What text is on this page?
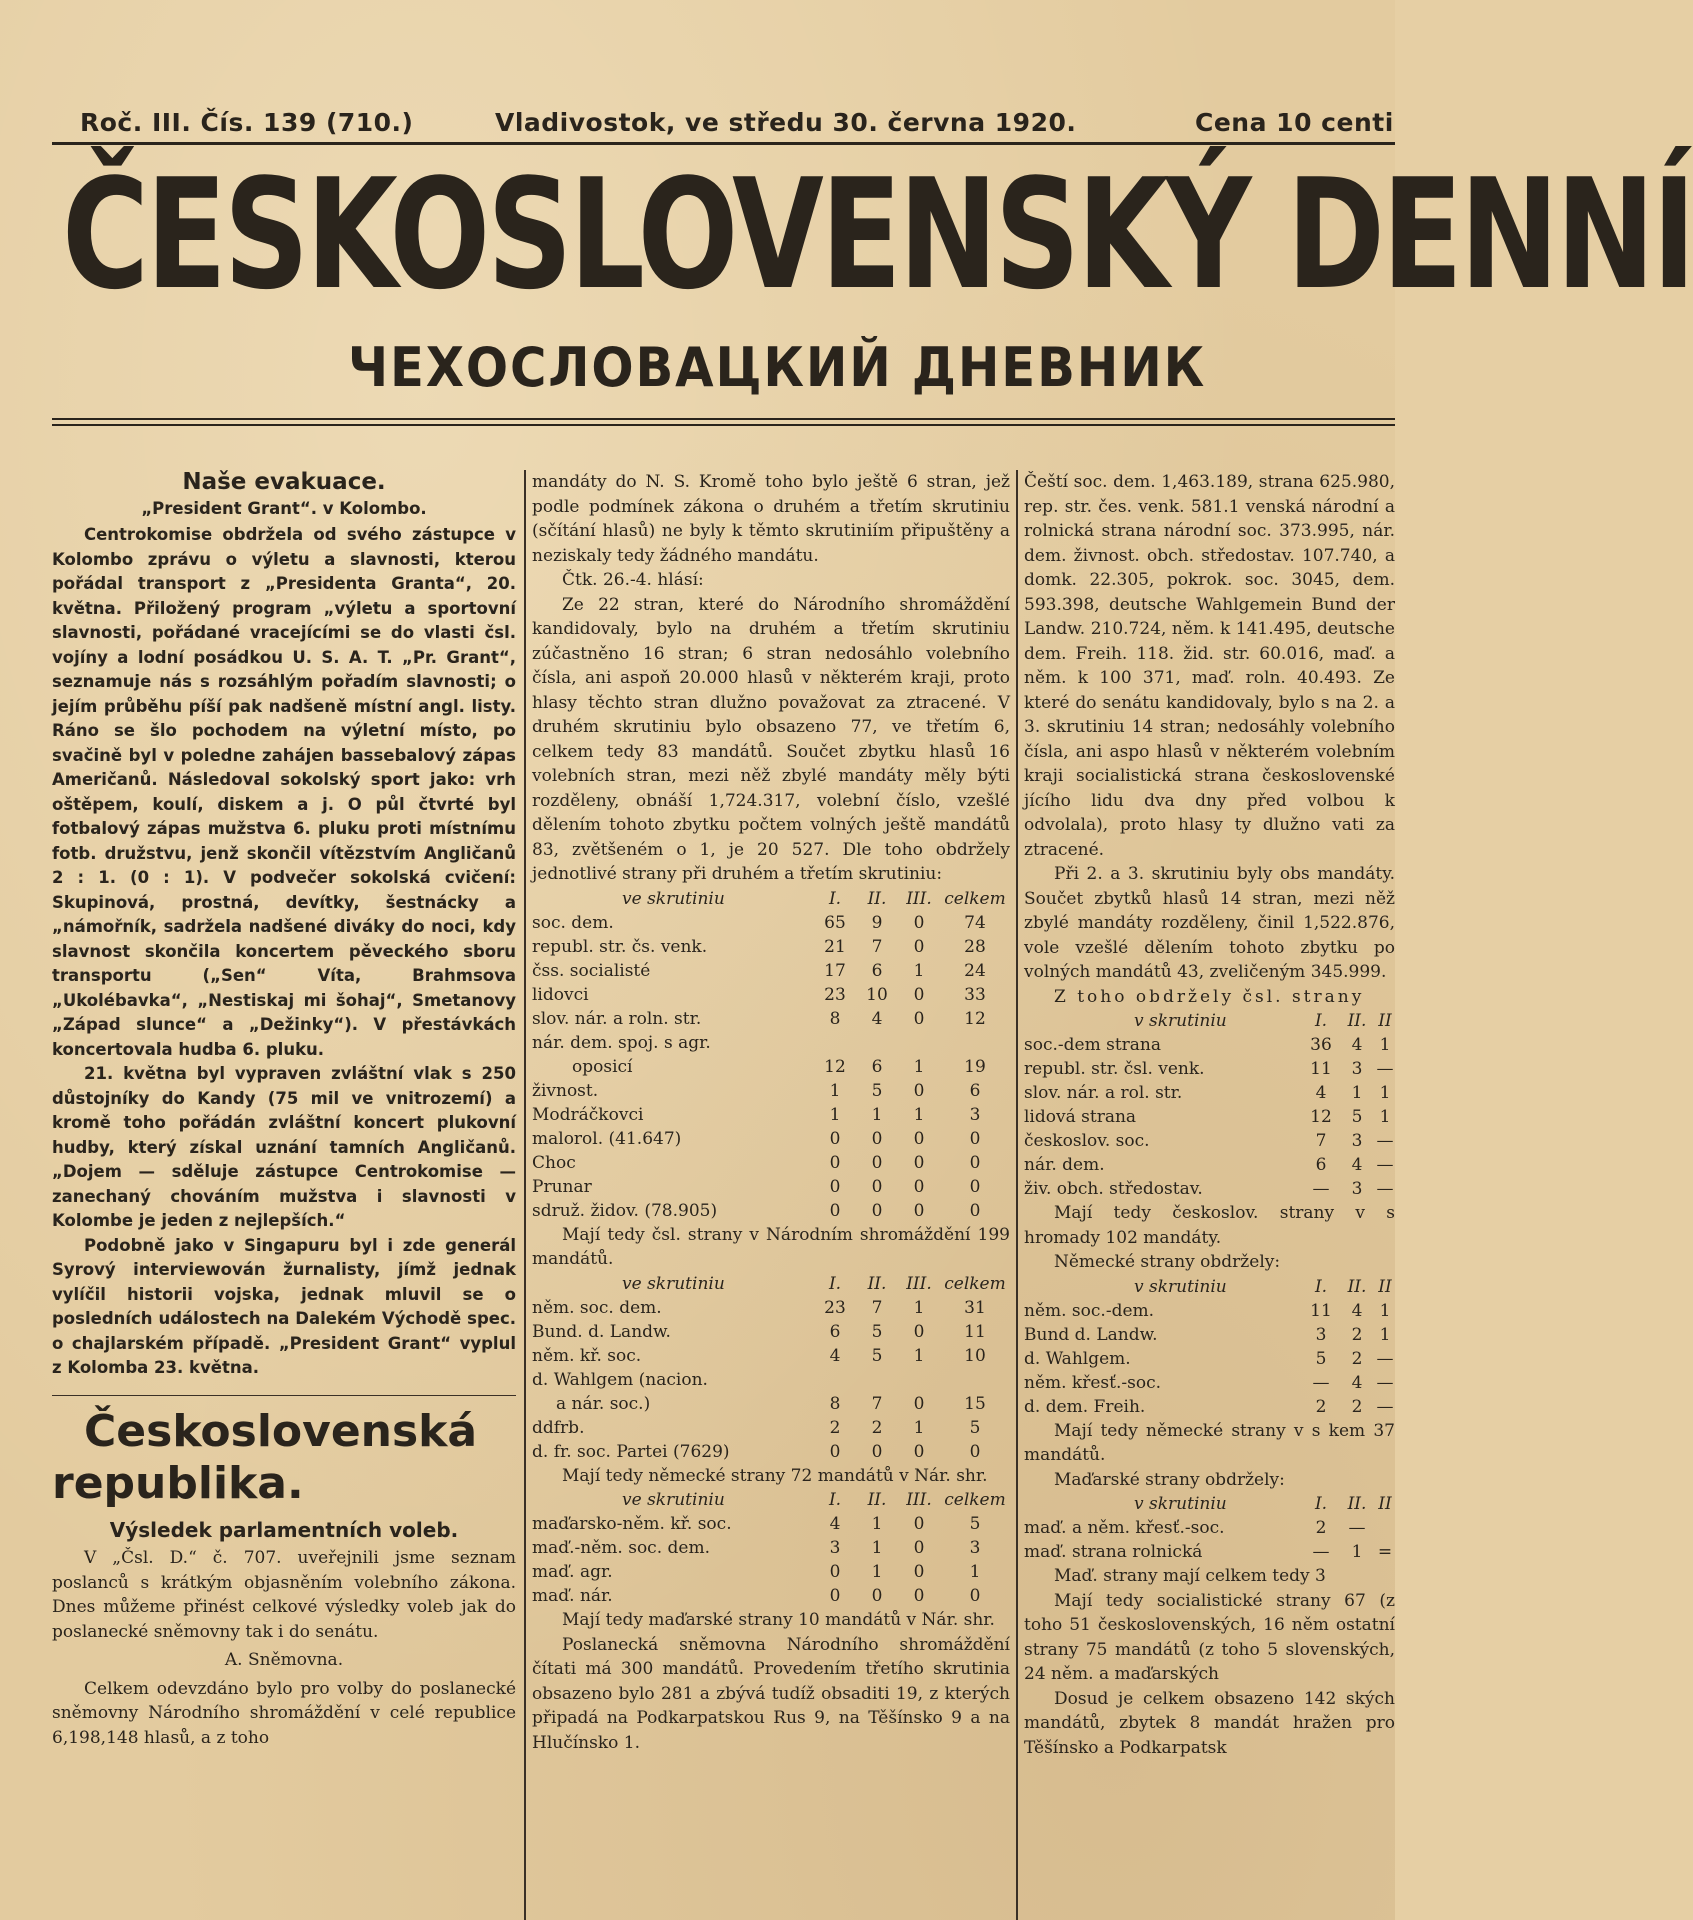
Roč. III. Čís. 139 (710.)	Vladivostok, ve středu 30. června 1920.	Cena 10 centi
ČESKOSLOVENSKÝ DENNÍ
ЧЕХОСЛОВАЦКИЙ ДНЕВНИК
Naše evakuace.
„President Grant“. v Kolombo.

Centrokomise obdržela od svého zástupce v Kolombo zprávu o výletu a slavnosti, kterou pořádal transport z „Presidenta Granta“, 20. května. Přiložený program „výletu a sportovní slavnosti, pořádané vracejícími se do vlasti čsl. vojíny a lodní posádkou U. S. A. T. „Pr. Grant“, seznamuje nás s rozsáhlým pořadím slavnosti; o jejím průběhu píší pak nadšeně místní angl. listy. Ráno se šlo pochodem na výletní místo, po svačině byl v poledne zahájen bassebalový zápas Američanů. Následoval sokolský sport jako: vrh oštěpem, koulí, diskem a j. O půl čtvrté byl fotbalový zápas mužstva 6. pluku proti místnímu fotb. družstvu, jenž skončil vítězstvím Angličanů 2 : 1. (0 : 1). V podvečer sokolská cvičení: Skupinová, prostná, devítky, šestnácky a „námořník, sadržela nadšené diváky do noci, kdy slavnost skončila koncertem pěveckého sboru transportu („Sen“ Víta, Brahmsova „Ukolébavka“, „Nestiskaj mi šohaj“, Smetanovy „Západ slunce“ a „Dežinky“). V přestávkách koncertovala hudba 6. pluku.

21. května byl vypraven zvláštní vlak s 250 důstojníky do Kandy (75 mil ve vnitrozemí) a kromě toho pořádán zvláštní koncert plukovní hudby, který získal uznání tamních Angličanů. „Dojem — sděluje zástupce Centrokomise — zanechaný chováním mužstva i slavnosti v Kolombe je jeden z nejlepších.“

Podobně jako v Singapuru byl i zde generál Syrový interviewován žurnalisty, jímž jednak vylíčil historii vojska, jednak mluvil se o posledních událostech na Dalekém Východě spec. o chajlarském případě. „President Grant“ vyplul z Kolomba 23. května.

Československá republika.

Výsledek parlamentních voleb.

V „Čsl. D.“ č. 707. uveřejnili jsme seznam poslanců s krátkým objasněním volebního zákona. Dnes můžeme přinést celkové výsledky voleb jak do poslanecké sněmovny tak i do senátu.

A. Sněmovna.

Celkem odevzdáno bylo pro volby do poslanecké sněmovny Národního shromáždění v celé republice 6,198,148 hlasů, a z toho

mandáty do N. S. Kromě toho bylo ještě 6 stran, jež podle podmínek zákona o druhém a třetím skrutiniu (sčítání hlasů) ne byly k těmto skrutiniím připuštěny a neziskaly tedy žádného mandátu.

Čtk. 26.-4. hlásí:

Ze 22 stran, které do Národního shromáždění kandidovaly, bylo na druhém a třetím skrutiniu zúčastněno 16 stran; 6 stran nedosáhlo volebního čísla, ani aspoň 20.000 hlasů v některém kraji, proto hlasy těchto stran dlužno považovat za ztracené. V druhém skrutiniu bylo obsazeno 77, ve třetím 6, celkem tedy 83 mandátů. Součet zbytku hlasů 16 volebních stran, mezi něž zbylé mandáty měly býti rozděleny, obnáší 1,724.317, volební číslo, vzešlé dělením tohoto zbytku počtem volných ještě mandátů 83, zvětšeném o 1, je 20 527. Dle toho obdržely jednotlivé strany při druhém a třetím skrutiniu:

ve skrutiniu	I.	II.	III.	celkem
soc. dem.	65	9	0	74
republ. str. čs. venk.	21	7	0	28
čss. socialisté	17	6	1	24
lidovci	23	10	0	33
slov. nár. a roln. str.	8	4	0	12
nár. dem. spoj. s agr.				
oposicí	12	6	1	19
živnost.	1	5	0	6
Modráčkovci	1	1	1	3
malorol. (41.647)	0	0	0	0
Choc	0	0	0	0
Prunar	0	0	0	0
sdruž. židov. (78.905)	0	0	0	0

Mají tedy čsl. strany v Národním shromáždění 199 mandátů.

ve skrutiniu	I.	II.	III.	celkem
něm. soc. dem.	23	7	1	31
Bund. d. Landw.	6	5	0	11
něm. kř. soc.	4	5	1	10
d. Wahlgem (nacion.				
a nár. soc.)	8	7	0	15
ddfrb.	2	2	1	5
d. fr. soc. Partei (7629)	0	0	0	0

Mají tedy německé strany 72 mandátů v Nár. shr.

ve skrutiniu	I.	II.	III.	celkem
maďarsko-něm. kř. soc.	4	1	0	5
maď.-něm. soc. dem.	3	1	0	3
maď. agr.	0	1	0	1
maď. nár.	0	0	0	0

Mají tedy maďarské strany 10 mandátů v Nár. shr.

Poslanecká sněmovna Národního shromáždění čítati má 300 mandátů. Provedením třetího skrutinia obsazeno bylo 281 a zbývá tudíž obsaditi 19, z kterých připadá na Podkarpatskou Rus 9, na Těšínsko 9 a na Hlučínsko 1.

Čeští soc. dem. 1,463.189, strana 625.980, rep. str. čes. venk. 581.1 venská národní a rolnická strana národní soc. 373.995, nár. dem. živnost. obch. středostav. 107.740, a domk. 22.305, pokrok. soc. 3045, dem. 593.398, deutsche Wahlgemein Bund der Landw. 210.724, něm. k 141.495, deutsche dem. Freih. 118. žid. str. 60.016, maď. a něm. k 100 371, maď. roln. 40.493. Ze které do senátu kandidovaly, bylo s na 2. a 3. skrutiniu 14 stran; nedosáhly volebního čísla, ani aspo hlasů v některém volebním kraji socialistická strana československé jícího lidu dva dny před volbou k odvolala), proto hlasy ty dlužno vati za ztracené.

Při 2. a 3. skrutiniu byly obs mandáty. Součet zbytků hlasů 14 stran, mezi něž zbylé mandáty rozděleny, činil 1,522.876, vole vzešlé dělením tohoto zbytku po volných mandátů 43, zveličeným 345.999.

Z toho obdržely čsl. strany

v skrutiniu	I.	II.	II
soc.-dem strana	36	4	1
republ. str. čsl. venk.	11	3	—
slov. nár. a rol. str.	4	1	1
lidová strana	12	5	1
českoslov. soc.	7	3	—
nár. dem.	6	4	—
živ. obch. středostav.	—	3	—

Mají tedy českoslov. strany v s hromady 102 mandáty.

Německé strany obdržely:

v skrutiniu	I.	II.	II
něm. soc.-dem.	11	4	1
Bund d. Landw.	3	2	1
d. Wahlgem.	5	2	—
něm. křesť.-soc.	—	4	—
d. dem. Freih.	2	2	—

Mají tedy německé strany v s kem 37 mandátů.

Maďarské strany obdržely:

v skrutiniu	I.	II.	II
maď. a něm. křesť.-soc.	2	—	
maď. strana rolnická	—	1	=

Maď. strany mají celkem tedy 3

Mají tedy socialistické strany 67 (z toho 51 československých, 16 něm ostatní strany 75 mandátů (z toho 5 slovenských, 24 něm. a maďarských

Dosud je celkem obsazeno 142 ských mandátů, zbytek 8 mandát hražen pro Těšínsko a Podkarpatsk
